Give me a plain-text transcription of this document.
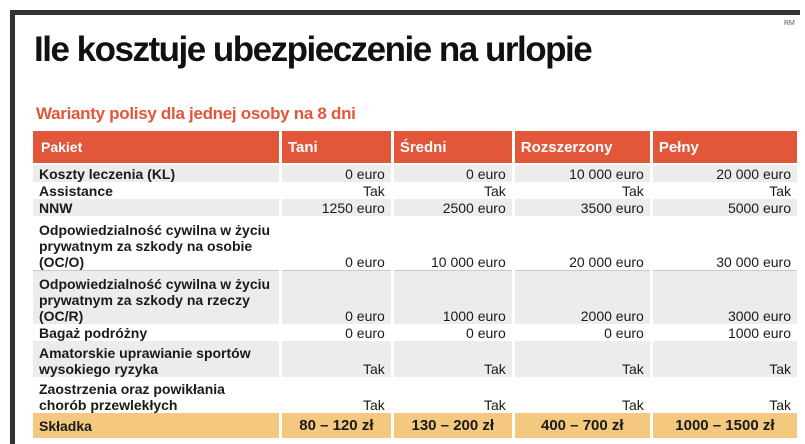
RM
Ile kosztuje ubezpieczenie na urlopie
Warianty polisy dla jednej osoby na 8 dni
Pakiet	Tani	Średni	Rozszerzony	Pełny

Koszty leczenia (KL)	0 euro	0 euro	10 000 euro	20 000 euro
Assistance	Tak	Tak	Tak	Tak
NNW	1250 euro	2500 euro	3500 euro	5000 euro
Odpowiedzialność cywilna w życiu prywatnym za szkody na osobie (OC/O)	0 euro	10 000 euro	20 000 euro	30 000 euro
Odpowiedzialność cywilna w życiu prywatnym za szkody na rzeczy (OC/R)	0 euro	1000 euro	2000 euro	3000 euro
Bagaż podróżny	0 euro	0 euro	0 euro	1000 euro
Amatorskie uprawianie sportów wysokiego ryzyka	Tak	Tak	Tak	Tak
Zaostrzenia oraz powikłania chorób przewlekłych	Tak	Tak	Tak	Tak
Składka	80 – 120 zł	130 – 200 zł	400 – 700 zł	1000 – 1500 zł
